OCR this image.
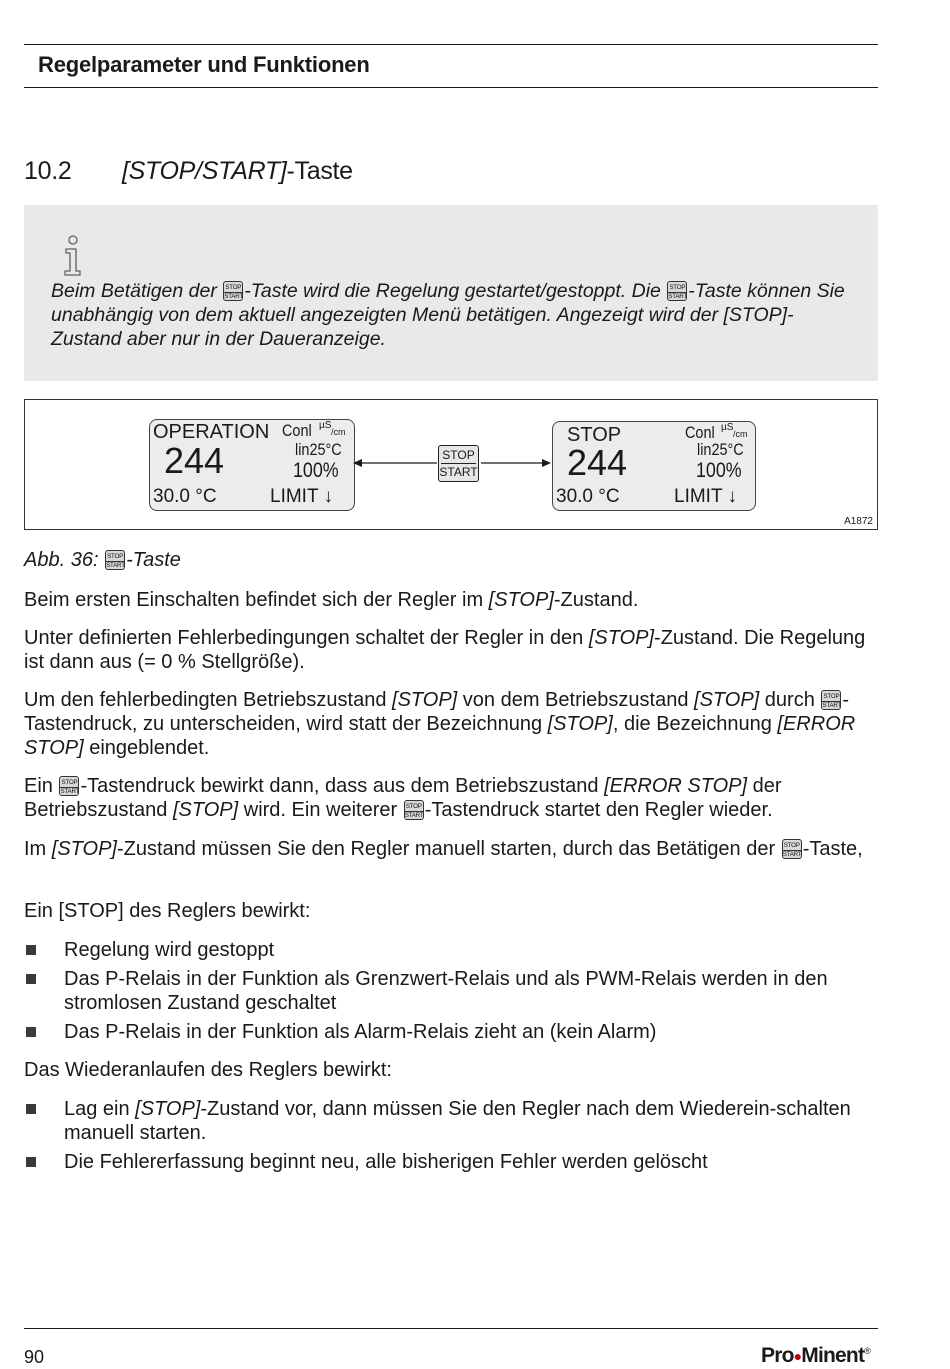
Regelparameter und Funktionen
10.2 [STOP/START]-Taste
Beim Betätigen der STOP
START -Taste wird die Regelung gestartet/gestoppt. Die STOP
START -Taste können Sie unabhängig von dem aktuell angezeigten Menü betätigen. Angezeigt wird der [STOP]-Zustand aber nur in der Daueranzeige.
OPERATION
244
30.0 °C
Conl µS
/cm
lin25°C
100%
LIMIT ↓
STOP
START
STOP
244
30.0 °C
Conl µS
/cm
lin25°C
100%
LIMIT ↓
A1872
Abb. 36: STOP
START -Taste
Beim ersten Einschalten befindet sich der Regler im [STOP]-Zustand.
Unter definierten Fehlerbedingungen schaltet der Regler in den [STOP]-Zustand. Die Regelung ist dann aus (= 0 % Stellgröße).
Um den fehlerbedingten Betriebszustand [STOP] von dem Betriebszustand [STOP] durch STOP
START -Tastendruck, zu unterscheiden, wird statt der Bezeichnung [STOP], die Bezeichnung [ERROR STOP] eingeblendet.
Ein STOP
START -Tastendruck bewirkt dann, dass aus dem Betriebszustand [ERROR STOP] der Betriebszustand [STOP] wird. Ein weiterer STOP
START -Tastendruck startet den Regler wieder.
Im [STOP]-Zustand müssen Sie den Regler manuell starten, durch das Betätigen der STOP
START -Taste,
Ein [STOP] des Reglers bewirkt:
Regelung wird gestoppt
Das P-Relais in der Funktion als Grenzwert-Relais und als PWM-Relais werden in den stromlosen Zustand geschaltet
Das P-Relais in der Funktion als Alarm-Relais zieht an (kein Alarm)
Das Wiederanlaufen des Reglers bewirkt:
Lag ein [STOP]-Zustand vor, dann müssen Sie den Regler nach dem Wiederein-schalten manuell starten.
Die Fehlererfassung beginnt neu, alle bisherigen Fehler werden gelöscht
90	Pro●Minent®
